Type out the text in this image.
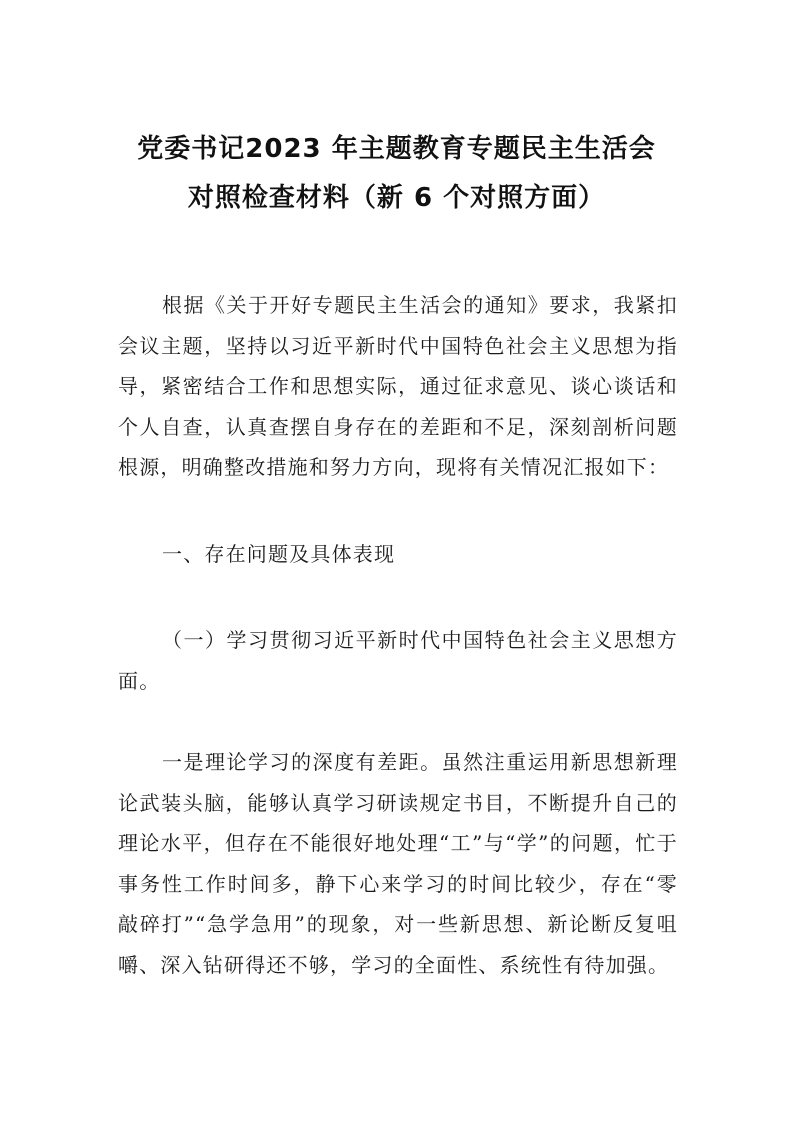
党委书记2023 年主题教育专题民主生活会
对照检查材料（新 6 个对照方面）

根据《关于开好专题民主生活会的通知》要求，我紧扣会议主题，坚持以习近平新时代中国特色社会主义思想为指导，紧密结合工作和思想实际，通过征求意见、谈心谈话和个人自查，认真查摆自身存在的差距和不足，深刻剖析问题根源，明确整改措施和努力方向，现将有关情况汇报如下：

一、存在问题及具体表现

（一）学习贯彻习近平新时代中国特色社会主义思想方面。

一是理论学习的深度有差距。虽然注重运用新思想新理论武装头脑，能够认真学习研读规定书目，不断提升自己的理论水平，但存在不能很好地处理“工”与“学”的问题，忙于事务性工作时间多，静下心来学习的时间比较少，存在“零敲碎打”“急学急用”的现象，对一些新思想、新论断反复咀嚼、深入钻研得还不够，学习的全面性、系统性有待加强。
